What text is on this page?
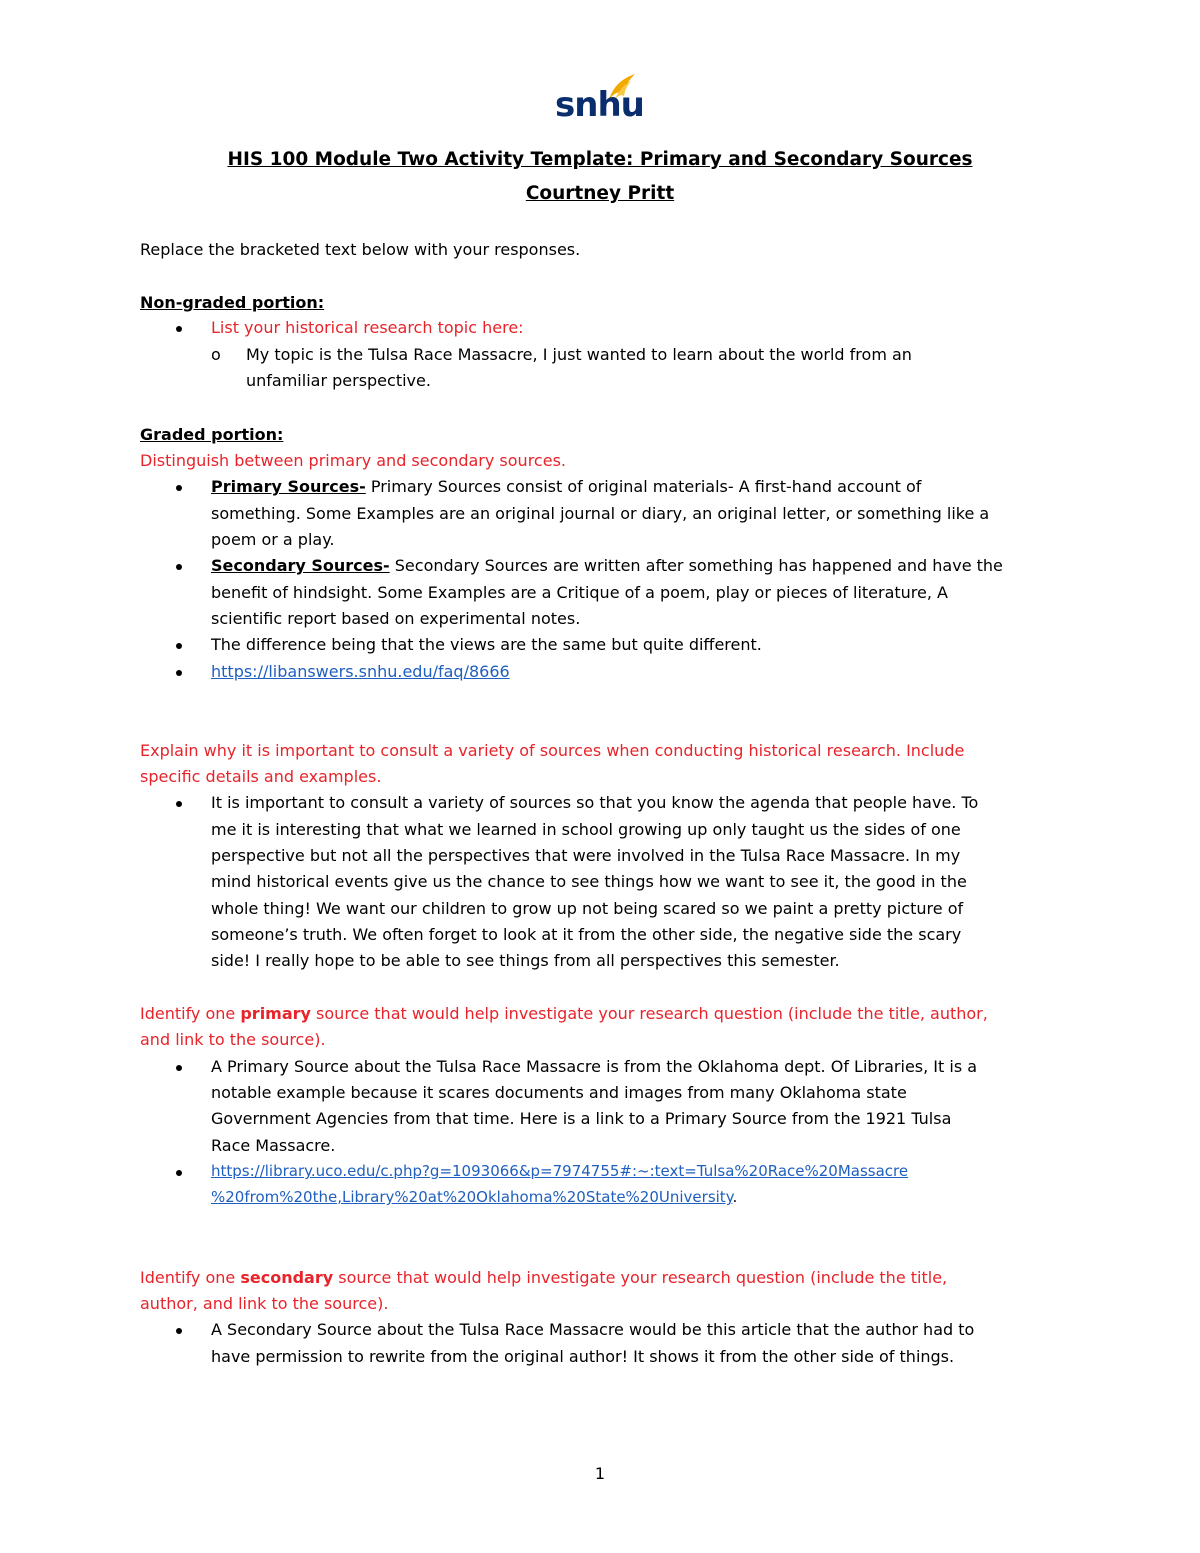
snhu
HIS 100 Module Two Activity Template: Primary and Secondary Sources
Courtney Pritt
Replace the bracketed text below with your responses.
Non-graded portion:
List your historical research topic here:
o My topic is the Tulsa Race Massacre, I just wanted to learn about the world from an
unfamiliar perspective.
Graded portion:
Distinguish between primary and secondary sources.
Primary Sources- Primary Sources consist of original materials- A first-hand account of
something. Some Examples are an original journal or diary, an original letter, or something like a
poem or a play.
Secondary Sources- Secondary Sources are written after something has happened and have the
benefit of hindsight. Some Examples are a Critique of a poem, play or pieces of literature, A
scientific report based on experimental notes.
The difference being that the views are the same but quite different.
https://libanswers.snhu.edu/faq/8666
Explain why it is important to consult a variety of sources when conducting historical research. Include
specific details and examples.
It is important to consult a variety of sources so that you know the agenda that people have. To
me it is interesting that what we learned in school growing up only taught us the sides of one
perspective but not all the perspectives that were involved in the Tulsa Race Massacre. In my
mind historical events give us the chance to see things how we want to see it, the good in the
whole thing! We want our children to grow up not being scared so we paint a pretty picture of
someone’s truth. We often forget to look at it from the other side, the negative side the scary
side! I really hope to be able to see things from all perspectives this semester.
Identify one primary source that would help investigate your research question (include the title, author,
and link to the source).
A Primary Source about the Tulsa Race Massacre is from the Oklahoma dept. Of Libraries, It is a
notable example because it scares documents and images from many Oklahoma state
Government Agencies from that time. Here is a link to a Primary Source from the 1921 Tulsa
Race Massacre.
https://library.uco.edu/c.php?g=1093066&p=7974755#:~:text=Tulsa%20Race%20Massacre
%20from%20the,Library%20at%20Oklahoma%20State%20University.
Identify one secondary source that would help investigate your research question (include the title,
author, and link to the source).
A Secondary Source about the Tulsa Race Massacre would be this article that the author had to
have permission to rewrite from the original author! It shows it from the other side of things.
1
